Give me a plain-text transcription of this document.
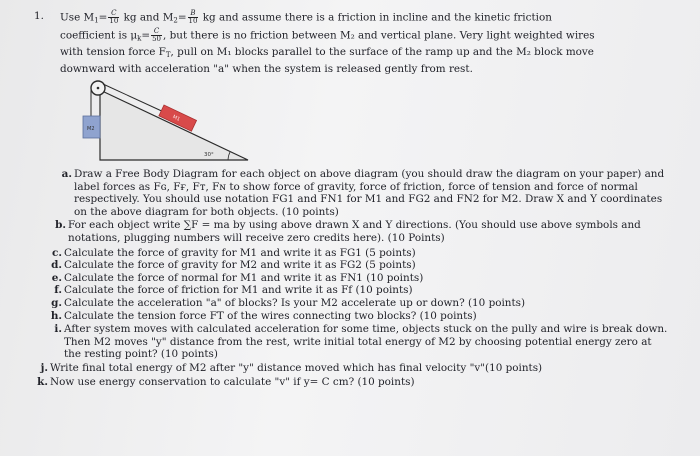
1. Use $M_1= \frac{C}{10}$ kg and $M_2= \frac{B}{10}$ kg and assume there is a friction in incline and the kinetic friction

coefficient is $\mu_k= \frac{C}{50}$ , but there is no friction between M₂ and vertical plane. Very light weighted wires

with tension force $F_T$, pull on M₁ blocks parallel to the surface of the ramp up and the M₂ block move

downward with acceleration "a" when the system is released gently from rest.

M2
M1
30°
a. Draw a Free Body Diagram for each object on above diagram (you should draw the diagram on your paper) and label forces as Fɢ, Fғ, Fᴛ, Fɴ to show force of gravity, force of friction, force of tension and force of normal respectively. You should use notation FG1 and FN1 for M1 and FG2 and FN2 for M2. Draw X and Y coordinates on the above diagram for both objects. (10 points)
b. For each object write ∑F = ma by using above drawn X and Y directions. (You should use above symbols and notations, plugging numbers will receive zero credits here). (10 Points)
c. Calculate the force of gravity for M1 and write it as FG1 (5 points)
d. Calculate the force of gravity for M2 and write it as FG2 (5 points)
e. Calculate the force of normal for M1 and write it as FN1 (10 points)
f. Calculate the force of friction for M1 and write it as Ff (10 points)
g. Calculate the acceleration "a" of blocks? Is your M2 accelerate up or down? (10 points)
h. Calculate the tension force FT of the wires connecting two blocks? (10 points)
i. After system moves with calculated acceleration for some time, objects stuck on the pully and wire is break down. Then M2 moves "y" distance from the rest, write initial total energy of M2 by choosing potential energy zero at the resting point? (10 points)
j. Write final total energy of M2 after "y" distance moved which has final velocity "v"(10 points)
k. Now use energy conservation to calculate "v" if y= C cm? (10 points)
